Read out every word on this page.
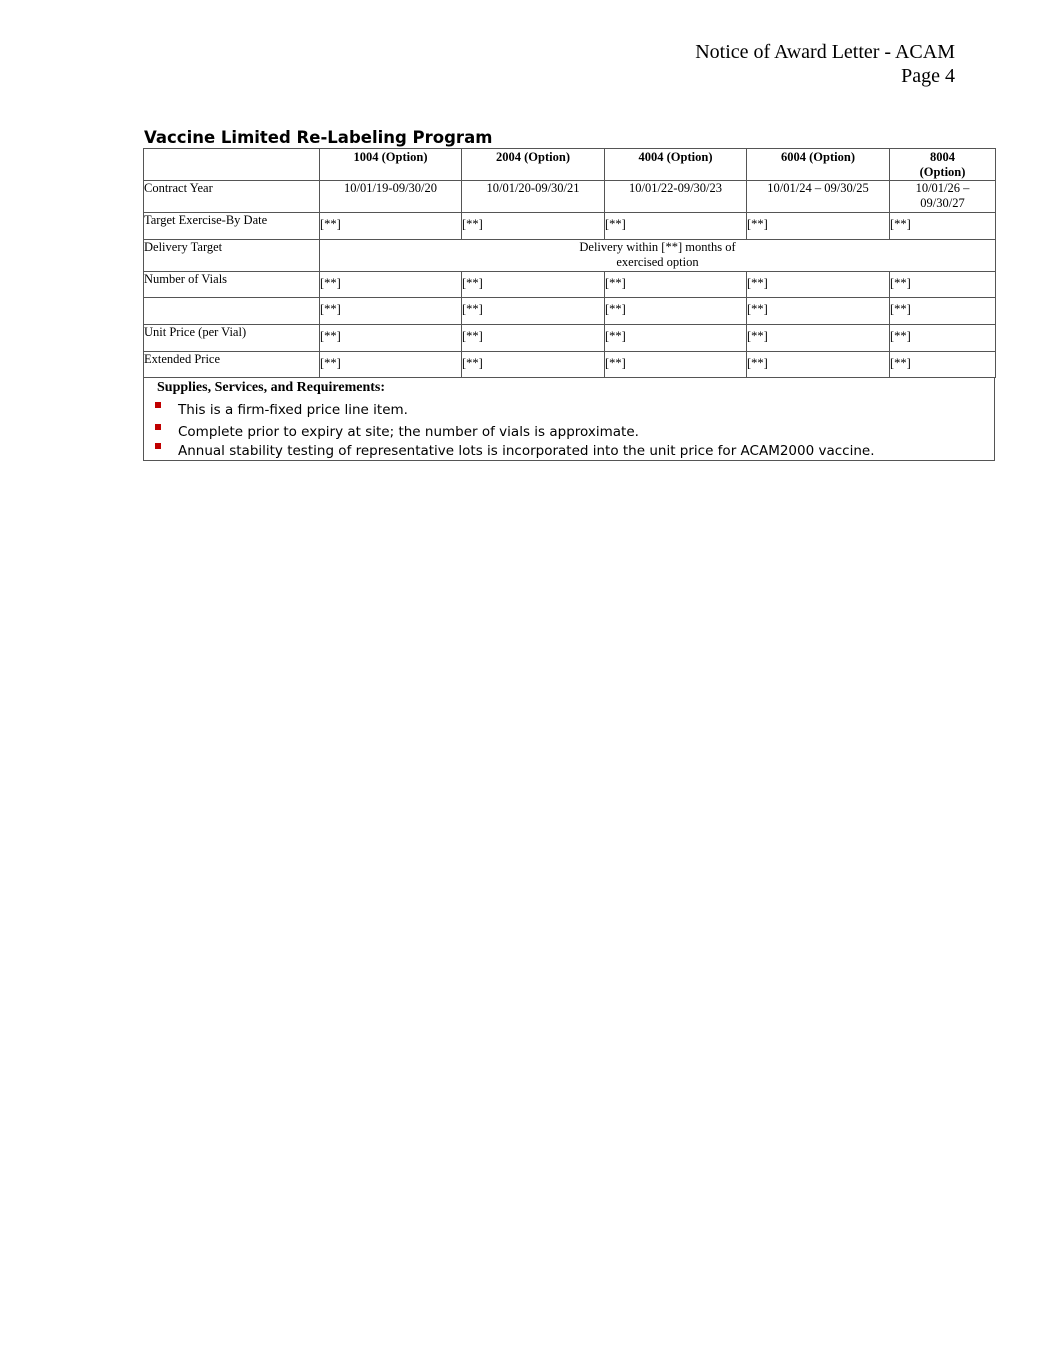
Notice of Award Letter - ACAM
Page 4
Vaccine Limited Re-Labeling Program
	1004 (Option)	2004 (Option)	4004 (Option)	6004 (Option)	8004 (Option)
Contract Year	10/01/19-09/30/20	10/01/20-09/30/21	10/01/22-09/30/23	10/01/24 – 09/30/25	10/01/26 – 09/30/27
Target Exercise-By Date	[**]	[**]	[**]	[**]	[**]
Delivery Target	Delivery within [**] months of exercised option				

Number of Vials	[**]	[**]	[**]	[**]	[**]
	[**]	[**]	[**]	[**]	[**]
Unit Price (per Vial)	[**]	[**]	[**]	[**]	[**]
Extended Price	[**]	[**]	[**]	[**]	[**]
Supplies, Services, and Requirements:
This is a firm-fixed price line item.
Complete prior to expiry at site; the number of vials is approximate.
Annual stability testing of representative lots is incorporated into the unit price for ACAM2000 vaccine.
